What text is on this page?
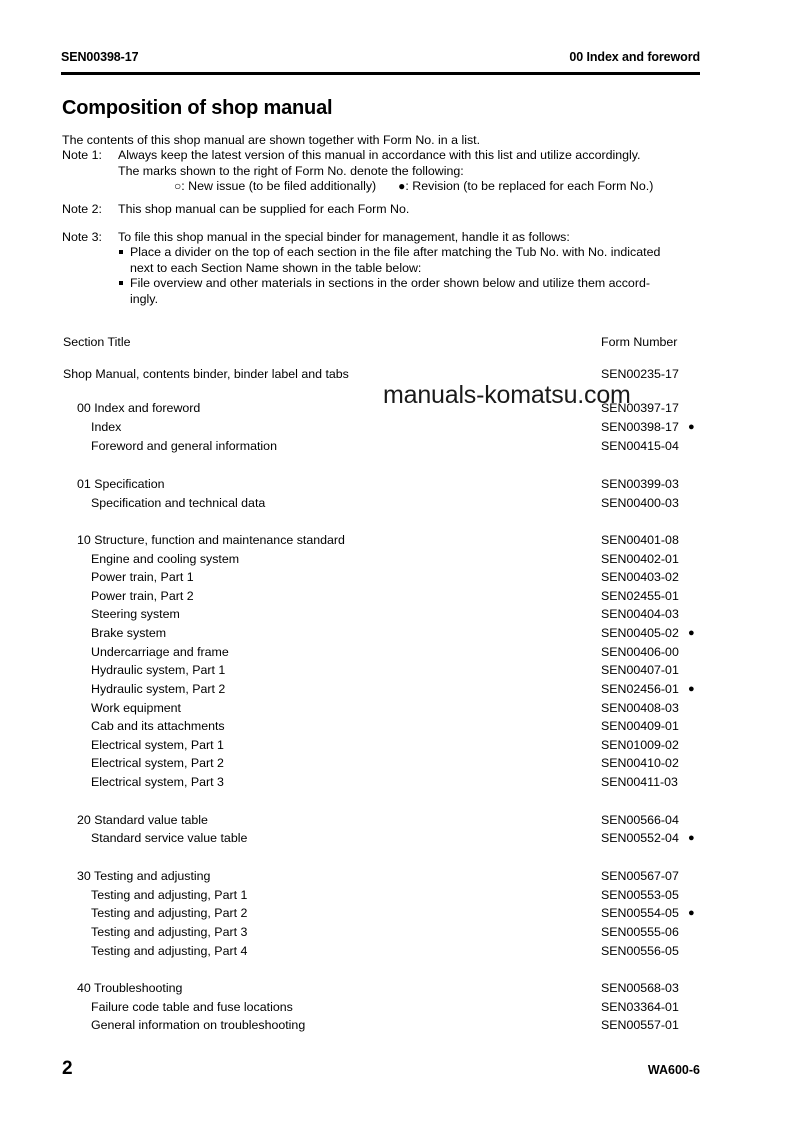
SEN00398-17	00 Index and foreword
Composition of shop manual
The contents of this shop manual are shown together with Form No. in a list.
Note 1: Always keep the latest version of this manual in accordance with this list and utilize accordingly.
The marks shown to the right of Form No. denote the following:
○: New issue (to be filed additionally) ●: Revision (to be replaced for each Form No.)
Note 2: This shop manual can be supplied for each Form No.
Note 3: To file this shop manual in the special binder for management, handle it as follows:
Place a divider on the top of each section in the file after matching the Tub No. with No. indicated
next to each Section Name shown in the table below:
File overview and other materials in sections in the order shown below and utilize them accord-
ingly.
Section Title	Form Number
Shop Manual, contents binder, binder label and tabs	SEN00235-17
00 Index and foreword	SEN00397-17
Index	SEN00398-17 ●
Foreword and general information	SEN00415-04
01 Specification	SEN00399-03
Specification and technical data	SEN00400-03
10 Structure, function and maintenance standard	SEN00401-08
Engine and cooling system	SEN00402-01
Power train, Part 1	SEN00403-02
Power train, Part 2	SEN02455-01
Steering system	SEN00404-03
Brake system	SEN00405-02 ●
Undercarriage and frame	SEN00406-00
Hydraulic system, Part 1	SEN00407-01
Hydraulic system, Part 2	SEN02456-01 ●
Work equipment	SEN00408-03
Cab and its attachments	SEN00409-01
Electrical system, Part 1	SEN01009-02
Electrical system, Part 2	SEN00410-02
Electrical system, Part 3	SEN00411-03
20 Standard value table	SEN00566-04
Standard service value table	SEN00552-04 ●
30 Testing and adjusting	SEN00567-07
Testing and adjusting, Part 1	SEN00553-05
Testing and adjusting, Part 2	SEN00554-05 ●
Testing and adjusting, Part 3	SEN00555-06
Testing and adjusting, Part 4	SEN00556-05
40 Troubleshooting	SEN00568-03
Failure code table and fuse locations	SEN03364-01
General information on troubleshooting	SEN00557-01
manuals-komatsu.com
2	WA600-6
